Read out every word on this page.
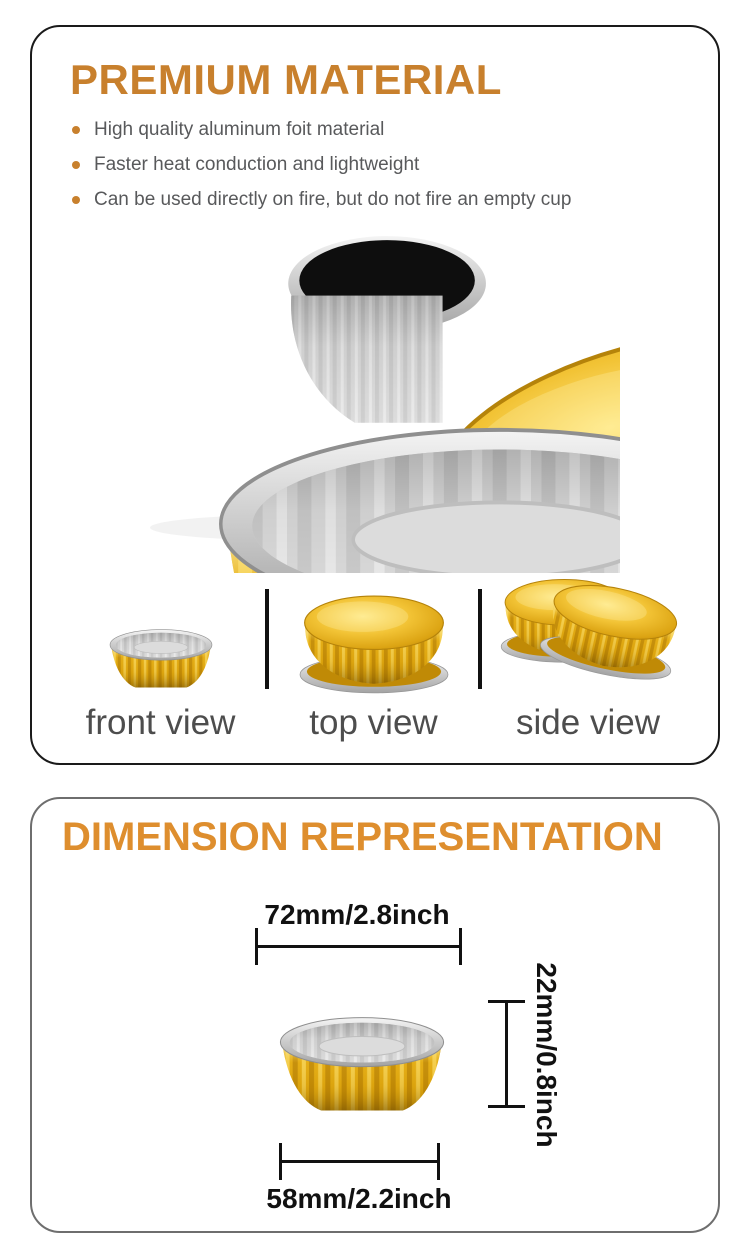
PREMIUM MATERIAL
High quality aluminum foit material
Faster heat conduction and lightweight
Can be used directly on fire, but do not fire an empty cup
front view top view side view
DIMENSION REPRESENTATION
72mm/2.8inch
22mm/0.8inch
58mm/2.2inch
